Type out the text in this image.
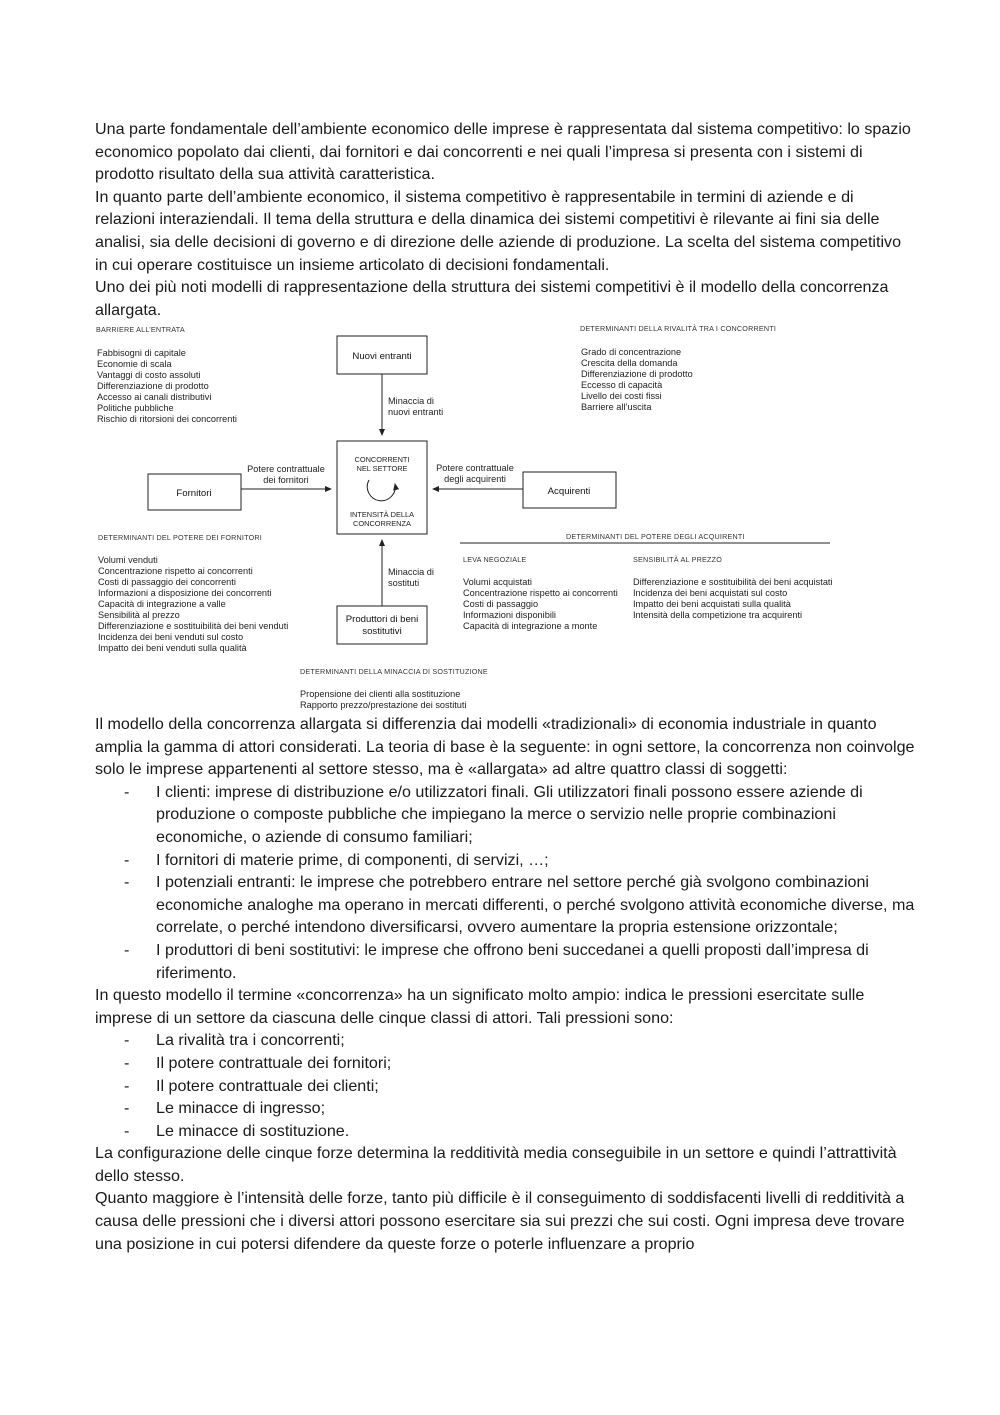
Una parte fondamentale dell’ambiente economico delle imprese è rappresentata dal sistema competitivo: lo spazio economico popolato dai clienti, dai fornitori e dai concorrenti e nei quali l’impresa si presenta con i sistemi di prodotto risultato della sua attività caratteristica.

In quanto parte dell’ambiente economico, il sistema competitivo è rappresentabile in termini di aziende e di relazioni interaziendali. Il tema della struttura e della dinamica dei sistemi competitivi è rilevante ai fini sia delle analisi, sia delle decisioni di governo e di direzione delle aziende di produzione. La scelta del sistema competitivo in cui operare costituisce un insieme articolato di decisioni fondamentali.

Uno dei più noti modelli di rappresentazione della struttura dei sistemi competitivi è il modello della concorrenza allargata.

BARRIERE ALL’ENTRATA
Fabbisogni di capitale
Economie di scala
Vantaggi di costo assoluti
Differenziazione di prodotto
Accesso ai canali distributivi
Politiche pubbliche
Rischio di ritorsioni dei concorrenti
DETERMINANTI DELLA RIVALITÀ TRA I CONCORRENTI
Grado di concentrazione
Crescita della domanda
Differenziazione di prodotto
Eccesso di capacità
Livello dei costi fissi
Barriere all’uscita
Nuovi entranti
Minaccia di
nuovi entranti
CONCORRENTI
NEL SETTORE
INTENSITÀ DELLA
CONCORRENZA
Fornitori
Potere contrattuale
dei fornitori
Acquirenti
Potere contrattuale
degli acquirenti
DETERMINANTI DEL POTERE DEI FORNITORI
Volumi venduti
Concentrazione rispetto ai concorrenti
Costi di passaggio dei concorrenti
Informazioni a disposizione dei concorrenti
Capacità di integrazione a valle
Sensibilità al prezzo
Differenziazione e sostituibilità dei beni venduti
Incidenza dei beni venduti sul costo
Impatto dei beni venduti sulla qualità
Produttori di beni
sostitutivi
Minaccia di
sostituti
DETERMINANTI DEL POTERE DEGLI ACQUIRENTI
LEVA NEGOZIALE
Volumi acquistati
Concentrazione rispetto ai concorrenti
Costi di passaggio
Informazioni disponibili
Capacità di integrazione a monte
SENSIBILITÀ AL PREZZO
Differenziazione e sostituibilità dei beni acquistati
Incidenza dei beni acquistati sul costo
Impatto dei beni acquistati sulla qualità
Intensità della competizione tra acquirenti
DETERMINANTI DELLA MINACCIA DI SOSTITUZIONE
Propensione dei clienti alla sostituzione
Rapporto prezzo/prestazione dei sostituti

Il modello della concorrenza allargata si differenzia dai modelli «tradizionali» di economia industriale in quanto amplia la gamma di attori considerati. La teoria di base è la seguente: in ogni settore, la concorrenza non coinvolge solo le imprese appartenenti al settore stesso, ma è «allargata» ad altre quattro classi di soggetti:

- I clienti: imprese di distribuzione e/o utilizzatori finali. Gli utilizzatori finali possono essere aziende di produzione o composte pubbliche che impiegano la merce o servizio nelle proprie combinazioni economiche, o aziende di consumo familiari;
- I fornitori di materie prime, di componenti, di servizi, …;
- I potenziali entranti: le imprese che potrebbero entrare nel settore perché già svolgono combinazioni economiche analoghe ma operano in mercati differenti, o perché svolgono attività economiche diverse, ma correlate, o perché intendono diversificarsi, ovvero aumentare la propria estensione orizzontale;
- I produttori di beni sostitutivi: le imprese che offrono beni succedanei a quelli proposti dall’impresa di riferimento.

In questo modello il termine «concorrenza» ha un significato molto ampio: indica le pressioni esercitate sulle imprese di un settore da ciascuna delle cinque classi di attori. Tali pressioni sono:

- La rivalità tra i concorrenti;
- Il potere contrattuale dei fornitori;
- Il potere contrattuale dei clienti;
- Le minacce di ingresso;
- Le minacce di sostituzione.

La configurazione delle cinque forze determina la redditività media conseguibile in un settore e quindi l’attrattività dello stesso.

Quanto maggiore è l’intensità delle forze, tanto più difficile è il conseguimento di soddisfacenti livelli di redditività a causa delle pressioni che i diversi attori possono esercitare sia sui prezzi che sui costi. Ogni impresa deve trovare una posizione in cui potersi difendere da queste forze o poterle influenzare a proprio
